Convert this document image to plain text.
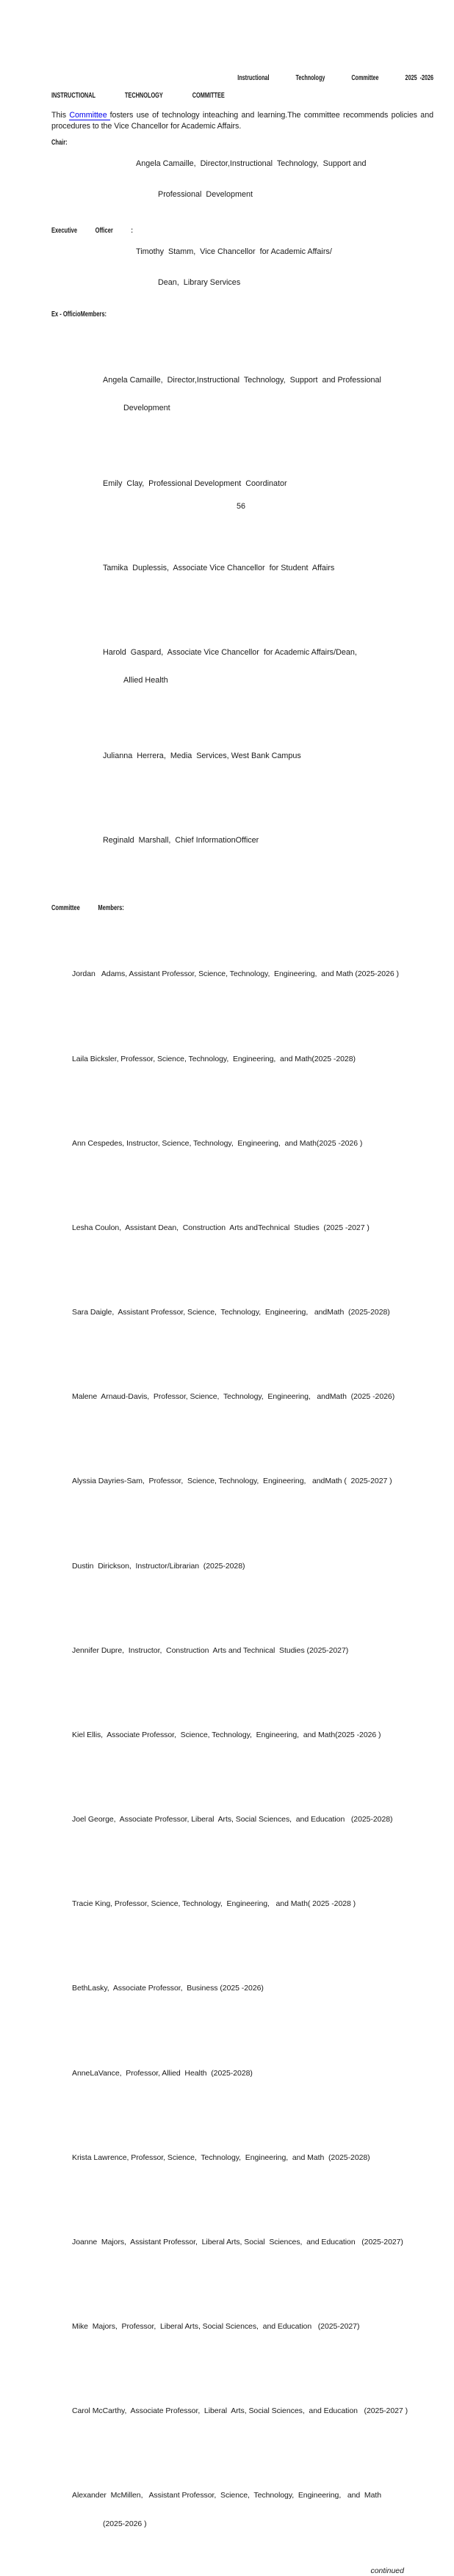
Instructional	Technology	Committee	2025  -2026
INSTRUCTIONAL	TECHNOLOGY	COMMITTEE

This Committee fosters use of technology inteaching and learning.The committee recommends policies and procedures to the Vice Chancellor for Academic Affairs.

Chair:

Angela Camaille,  Director,Instructional  Technology,  Support and

Professional  Development

Executive Officer :

Timothy  Stamm,  Vice Chancellor  for Academic Affairs/

Dean,  Library Services

Ex - OfficioMembers:

Angela Camaille,  Director,Instructional  Technology,  Support  and Professional

Development

Emily  Clay,  Professional Development  Coordinator

Tamika  Duplessis,  Associate Vice Chancellor  for Student  Affairs

Harold  Gaspard,  Associate Vice Chancellor  for Academic Affairs/Dean,

Allied Health

Julianna  Herrera,  Media  Services, West Bank Campus

Reginald  Marshall,  Chief InformationOfficer

Committee Members:

Jordan   Adams, Assistant Professor, Science, Technology,  Engineering,  and Math (2025-2026 )

Laila Bicksler, Professor, Science, Technology,  Engineering,  and Math(2025 -2028)

Ann Cespedes, Instructor, Science, Technology,  Engineering,  and Math(2025 -2026 )

Lesha Coulon,  Assistant Dean,  Construction  Arts andTechnical  Studies  (2025 -2027 )

Sara Daigle,  Assistant Professor, Science,  Technology,  Engineering,   andMath  (2025-2028)

Malene  Arnaud-Davis,  Professor, Science,  Technology,  Engineering,   andMath  (2025 -2026)

Alyssia Dayries-Sam,  Professor,  Science, Technology,  Engineering,   andMath (  2025-2027 )

Dustin  Dirickson,  Instructor/Librarian  (2025-2028)

Jennifer Dupre,  Instructor,  Construction  Arts and Technical  Studies (2025-2027)

Kiel Ellis,  Associate Professor,  Science, Technology,  Engineering,  and Math(2025 -2026 )

Joel George,  Associate Professor, Liberal  Arts, Social Sciences,  and Education   (2025-2028)

Tracie King, Professor, Science, Technology,  Engineering,   and Math( 2025 -2028 )

BethLasky,  Associate Professor,  Business (2025 -2026)

AnneLaVance,  Professor, Allied  Health  (2025-2028)

Krista Lawrence, Professor, Science,  Technology,  Engineering,  and Math  (2025-2028)

Joanne  Majors,  Assistant Professor,  Liberal Arts, Social  Sciences,  and Education   (2025-2027)

Mike  Majors,  Professor,  Liberal Arts, Social Sciences,  and Education   (2025-2027)

Carol McCarthy,  Associate Professor,  Liberal  Arts, Social Sciences,  and Education   (2025-2027 )

Alexander  McMillen,   Assistant Professor,  Science,  Technology,  Engineering,   and  Math

(2025-2026 )

continued
56
